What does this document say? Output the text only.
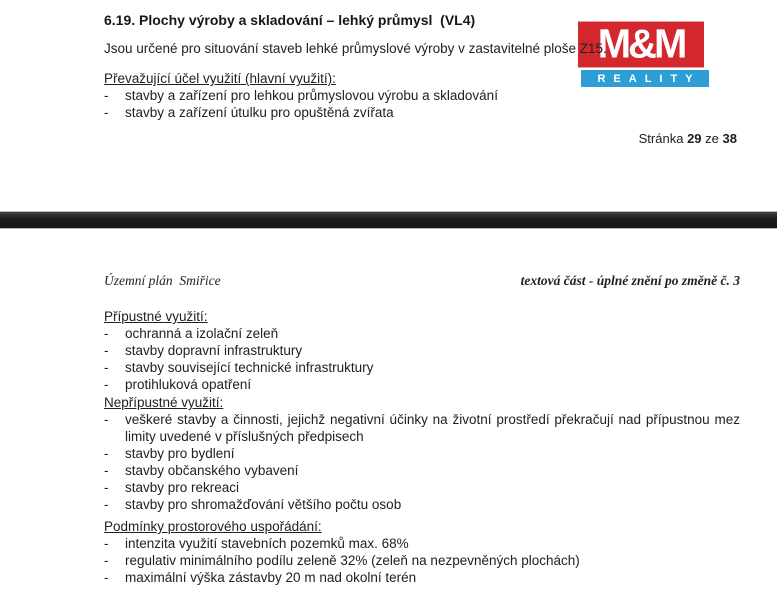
6.19. Plochy výroby a skladování – lehký průmysl  (VL4)
Jsou určené pro situování staveb lehké průmyslové výroby v zastavitelné ploše Z15.
Převažující účel využití (hlavní využití):
-	stavby a zařízení pro lehkou průmyslovou výrobu a skladování
-	stavby a zařízení útulku pro opuštěná zvířata
Stránka 29 ze 38
M&M
REALITY
Územní plán  Smiřice	textová část - úplné znění po změně č. 3
Přípustné využití:
-	ochranná a izolační zeleň
-	stavby dopravní infrastruktury
-	stavby související technické infrastruktury
-	protihluková opatření
Nepřípustné využití:
-	veškeré stavby a činnosti, jejichž negativní účinky na životní prostředí překračují nad přípustnou mez limity uvedené v příslušných předpisech
-	stavby pro bydlení
-	stavby občanského vybavení
-	stavby pro rekreaci
-	stavby pro shromažďování většího počtu osob
Podmínky prostorového uspořádání:
-	intenzita využití stavebních pozemků max. 68%
-	regulativ minimálního podílu zeleně 32% (zeleň na nezpevněných plochách)
-	maximální výška zástavby 20 m nad okolní terén
